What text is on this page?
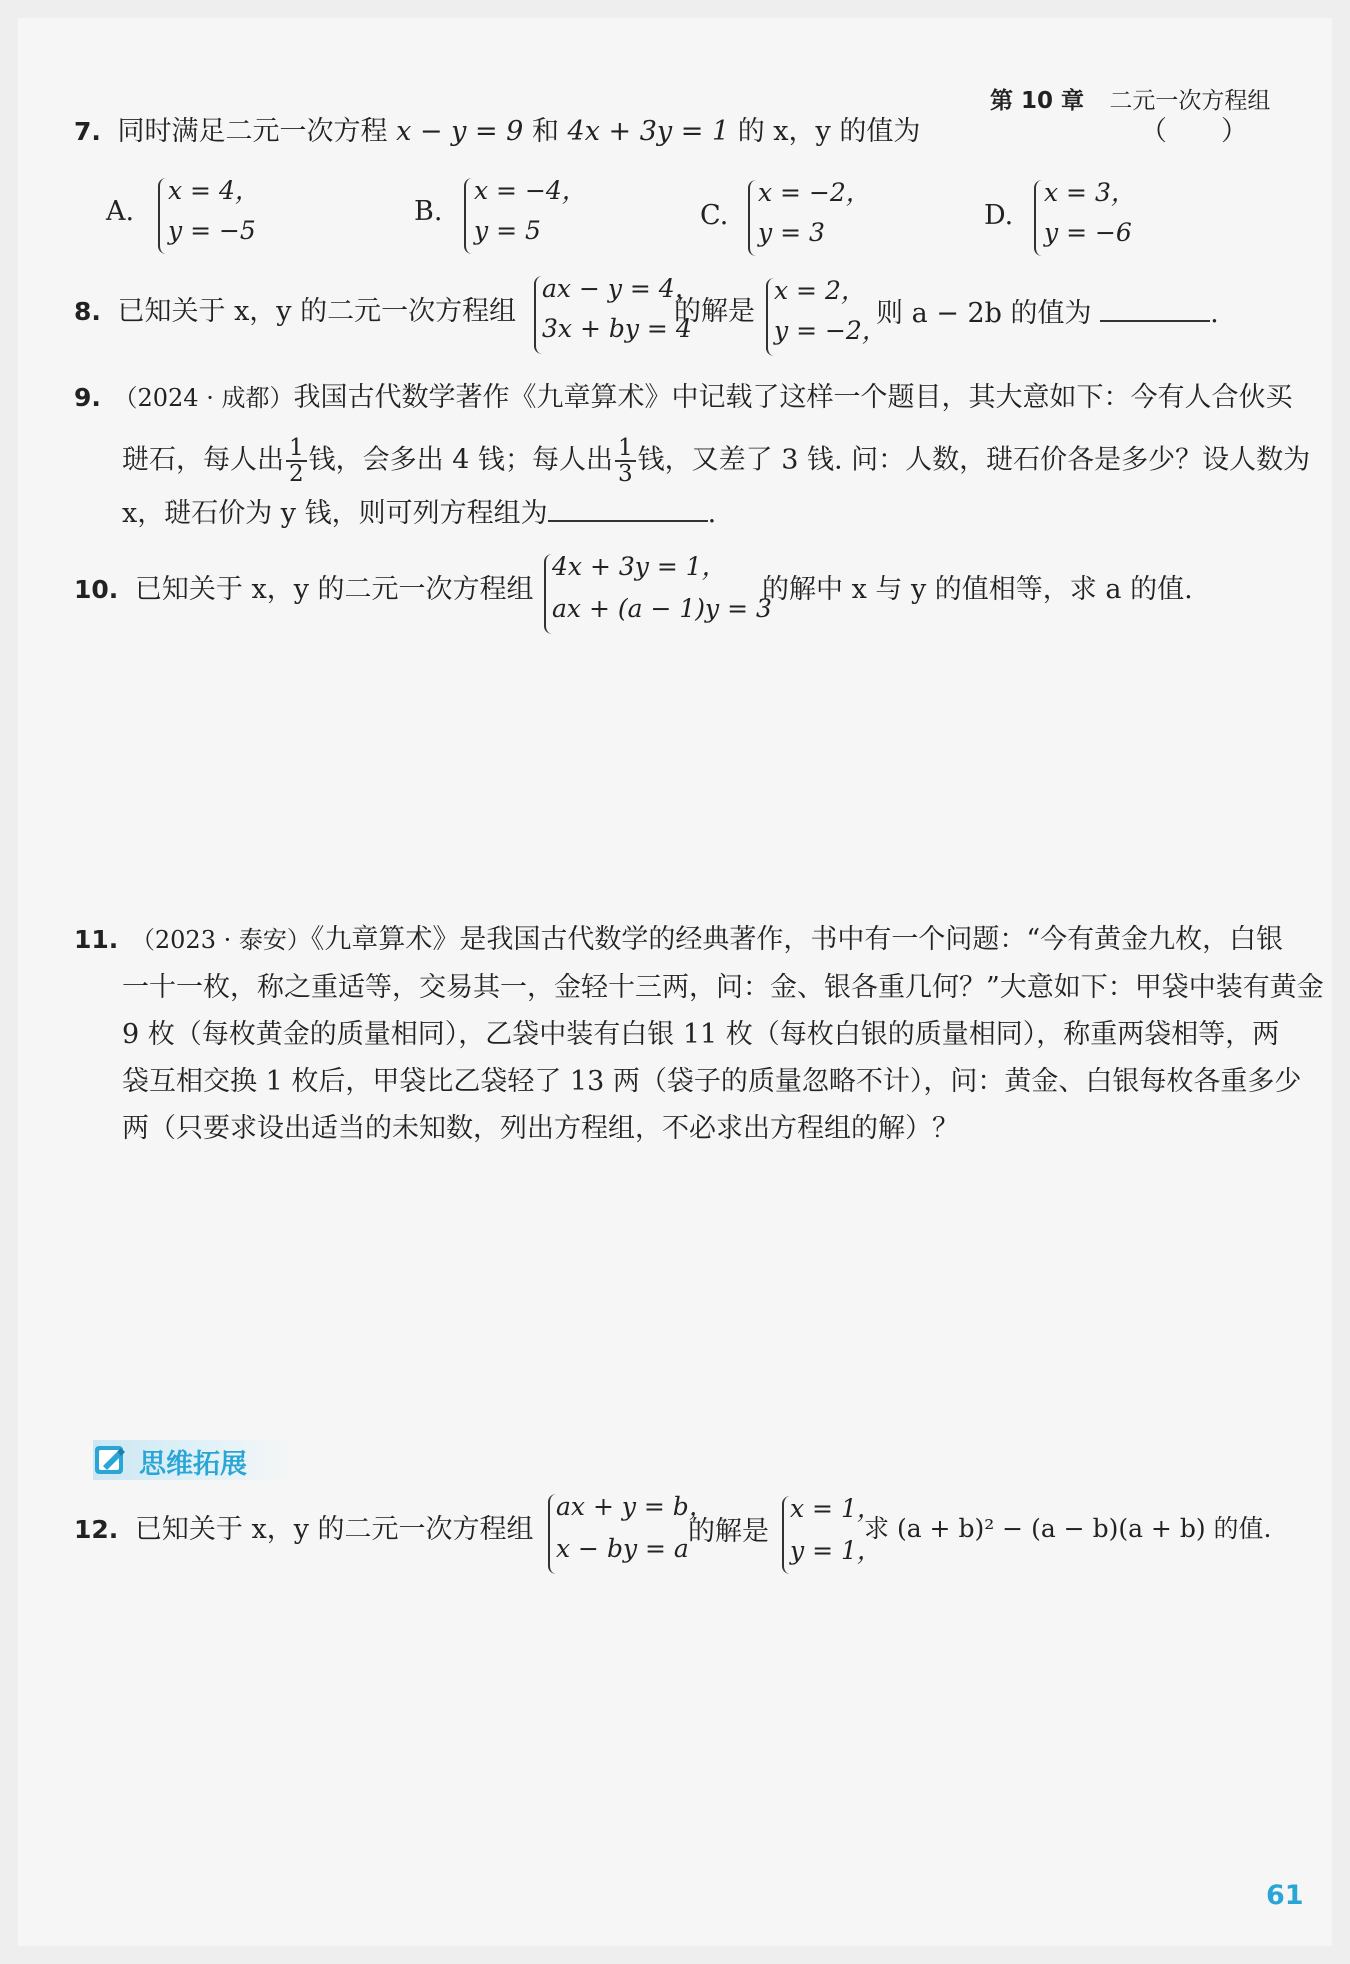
第 10 章 二元一次方程组
7. 同时满足二元一次方程 x − y = 9 和 4x + 3y = 1 的 x，y 的值为	（　　）
A.
x = 4，
y = −5
B.
x = −4，
y = 5	C.
x = −2，
y = 3
D.
x = 3，
y = −6
8. 已知关于 x，y 的二元一次方程组
ax − y = 4，
3x + by = 4
的解是
x = 2，
y = −2，
则 a − 2b 的值为	.
9. （2024 · 成都）我国古代数学著作《九章算术》中记载了这样一个题目，其大意如下：今有人合伙买
琎石，每人出 $\frac{1}{2}$ 钱，会多出 4 钱；每人出 $\frac{1}{3}$ 钱，又差了 3 钱. 问：人数，琎石价各是多少？设人数为
x，琎石价为 y 钱，则可列方程组为	.
10. 已知关于 x，y 的二元一次方程组
4x + 3y = 1，
ax + (a − 1)y = 3
的解中 x 与 y 的值相等，求 a 的值.
11. （2023 · 泰安）《九章算术》是我国古代数学的经典著作，书中有一个问题：“今有黄金九枚，白银
一十一枚，称之重适等，交易其一，金轻十三两，问：金、银各重几何？”大意如下：甲袋中装有黄金
9 枚（每枚黄金的质量相同），乙袋中装有白银 11 枚（每枚白银的质量相同），称重两袋相等，两
袋互相交换 1 枚后，甲袋比乙袋轻了 13 两（袋子的质量忽略不计），问：黄金、白银每枚各重多少
两（只要求设出适当的未知数，列出方程组，不必求出方程组的解）？
思维拓展
12. 已知关于 x，y 的二元一次方程组
ax + y = b，
x − by = a
的解是
x = 1，
y = 1，
求 (a + b)² − (a − b)(a + b) 的值.
61
